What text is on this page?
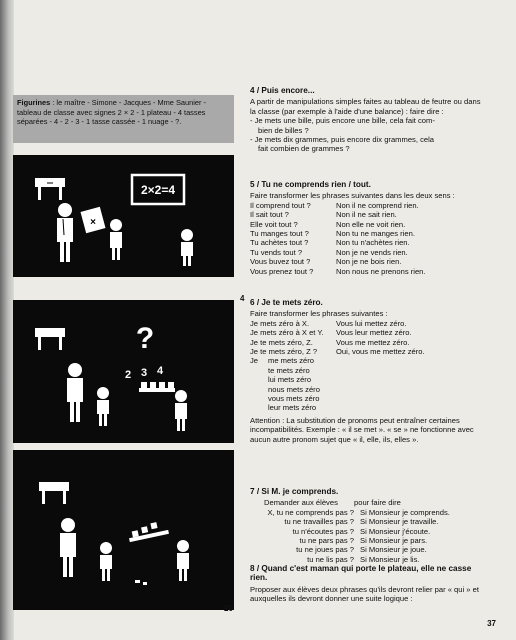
Figurines : le maître - Simone - Jacques - Mme Saunier - tableau de classe avec signes 2 × 2 - 1 plateau - 4 tasses séparées - 4 - 2 - 3 - 1 tasse cassée - 1 nuage - ?.
2×2=4
×
4
?
2 3 4
20
4 / Puis encore...

A partir de manipulations simples faites au tableau de feutre ou dans la classe (par exemple à l'aide d'une balance) : faire dire :

- Je mets une bille, puis encore une bille, cela fait com-
bien de billes ?
- Je mets dix grammes, puis encore dix grammes, cela
fait combien de grammes ?
5 / Tu ne comprends rien / tout.

Faire transformer les phrases suivantes dans les deux sens :

Il comprend tout ?	Non il ne comprend rien.
Il sait tout ?	Non il ne sait rien.
Elle voit tout ?	Non elle ne voit rien.
Tu manges tout ?	Non tu ne manges rien.
Tu achètes tout ?	Non tu n'achètes rien.
Tu vends tout ?	Non je ne vends rien.
Vous buvez tout ?	Non je ne bois rien.
Vous prenez tout ?	Non nous ne prenons rien.
6 / Je te mets zéro.

Faire transformer les phrases suivantes :

Je mets zéro à X.	Vous lui mettez zéro.
Je mets zéro à X et Y.	Vous leur mettez zéro.
Je te mets zéro, Z.	Vous me mettez zéro.
Je te mets zéro, Z ?	Oui, vous me mettez zéro.
Je	me mets zéro
te mets zéro
lui mets zéro
nous mets zéro
vous mets zéro
leur mets zéro

Attention : La substitution de pronoms peut entraîner certaines incompatibilités. Exemple : « il se met ». « se » ne fonctionne avec aucun autre pronom sujet que « il, elle, ils, elles ».

7 / Si M. je comprends.
Demander aux élèves	pour faire dire
X, tu ne comprends pas ? Si Monsieur je comprends.
tu ne travailles pas ? Si Monsieur je travaille.
tu n'écoutes pas ? Si Monsieur j'écoute.
tu ne pars pas ? Si Monsieur je pars.
tu ne joues pas ? Si Monsieur je joue.
tu ne lis pas ? Si Monsieur je lis.
8 / Quand c'est maman qui porte le plateau, elle ne casse rien.

Proposer aux élèves deux phrases qu'ils devront relier par « qui » et auxquelles ils devront donner une suite logique :

37
